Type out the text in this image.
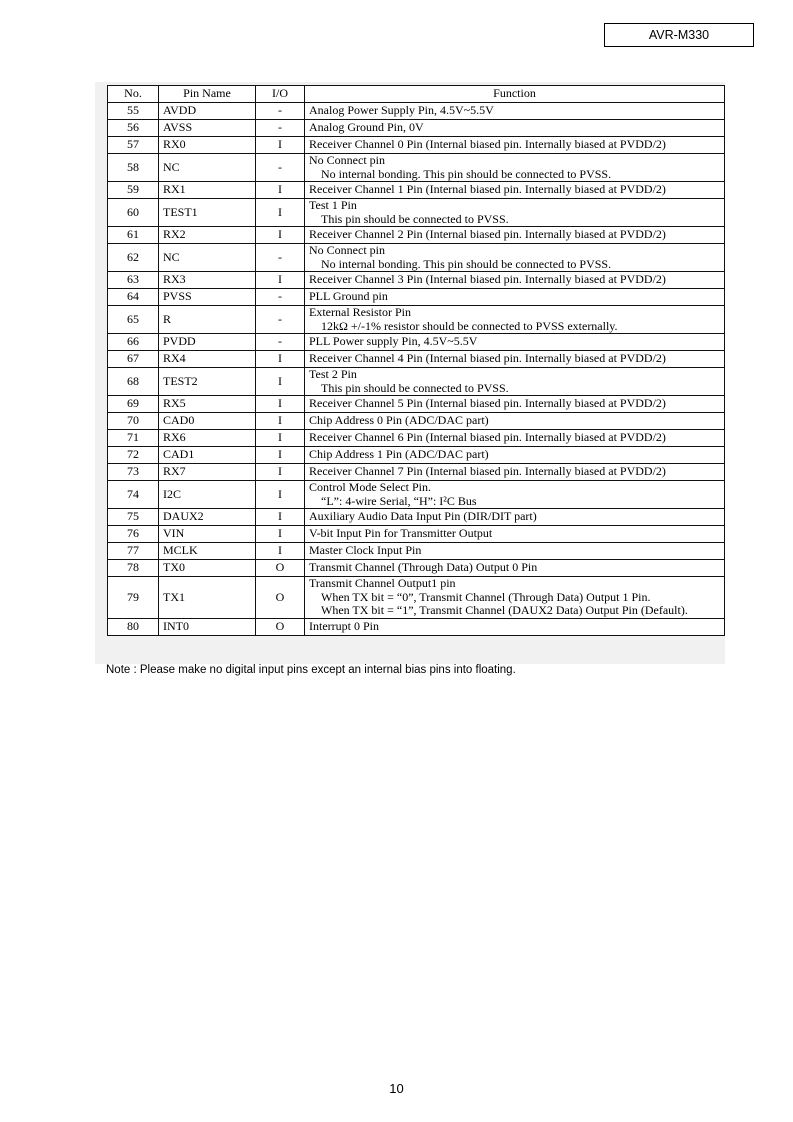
AVR-M330
No.	Pin Name	I/O	Function
55	AVDD	-	Analog Power Supply Pin, 4.5V~5.5V

56	AVSS	-	Analog Ground Pin, 0V

57	RX0	I	Receiver Channel 0 Pin (Internal biased pin. Internally biased at PVDD/2)

58	NC	-	No Connect pin
No internal bonding. This pin should be connected to PVSS.

59	RX1	I	Receiver Channel 1 Pin (Internal biased pin. Internally biased at PVDD/2)

60	TEST1	I	Test 1 Pin
This pin should be connected to PVSS.

61	RX2	I	Receiver Channel 2 Pin (Internal biased pin. Internally biased at PVDD/2)

62	NC	-	No Connect pin
No internal bonding. This pin should be connected to PVSS.

63	RX3	I	Receiver Channel 3 Pin (Internal biased pin. Internally biased at PVDD/2)

64	PVSS	-	PLL Ground pin

65	R	-	External Resistor Pin
12kΩ +/-1% resistor should be connected to PVSS externally.

66	PVDD	-	PLL Power supply Pin, 4.5V~5.5V

67	RX4	I	Receiver Channel 4 Pin (Internal biased pin. Internally biased at PVDD/2)

68	TEST2	I	Test 2 Pin
This pin should be connected to PVSS.

69	RX5	I	Receiver Channel 5 Pin (Internal biased pin. Internally biased at PVDD/2)

70	CAD0	I	Chip Address 0 Pin (ADC/DAC part)

71	RX6	I	Receiver Channel 6 Pin (Internal biased pin. Internally biased at PVDD/2)

72	CAD1	I	Chip Address 1 Pin (ADC/DAC part)

73	RX7	I	Receiver Channel 7 Pin (Internal biased pin. Internally biased at PVDD/2)

74	I2C	I	Control Mode Select Pin.
“L”: 4-wire Serial, “H”: I²C Bus

75	DAUX2	I	Auxiliary Audio Data Input Pin (DIR/DIT part)

76	VIN	I	V-bit Input Pin for Transmitter Output

77	MCLK	I	Master Clock Input Pin

78	TX0	O	Transmit Channel (Through Data) Output 0 Pin

79	TX1	O	Transmit Channel Output1 pin
When TX bit = “0”, Transmit Channel (Through Data) Output 1 Pin.
When TX bit = “1”, Transmit Channel (DAUX2 Data) Output Pin (Default).

80	INT0	O	Interrupt 0 Pin
Note : Please make no digital input pins except an internal bias pins into floating.
10
